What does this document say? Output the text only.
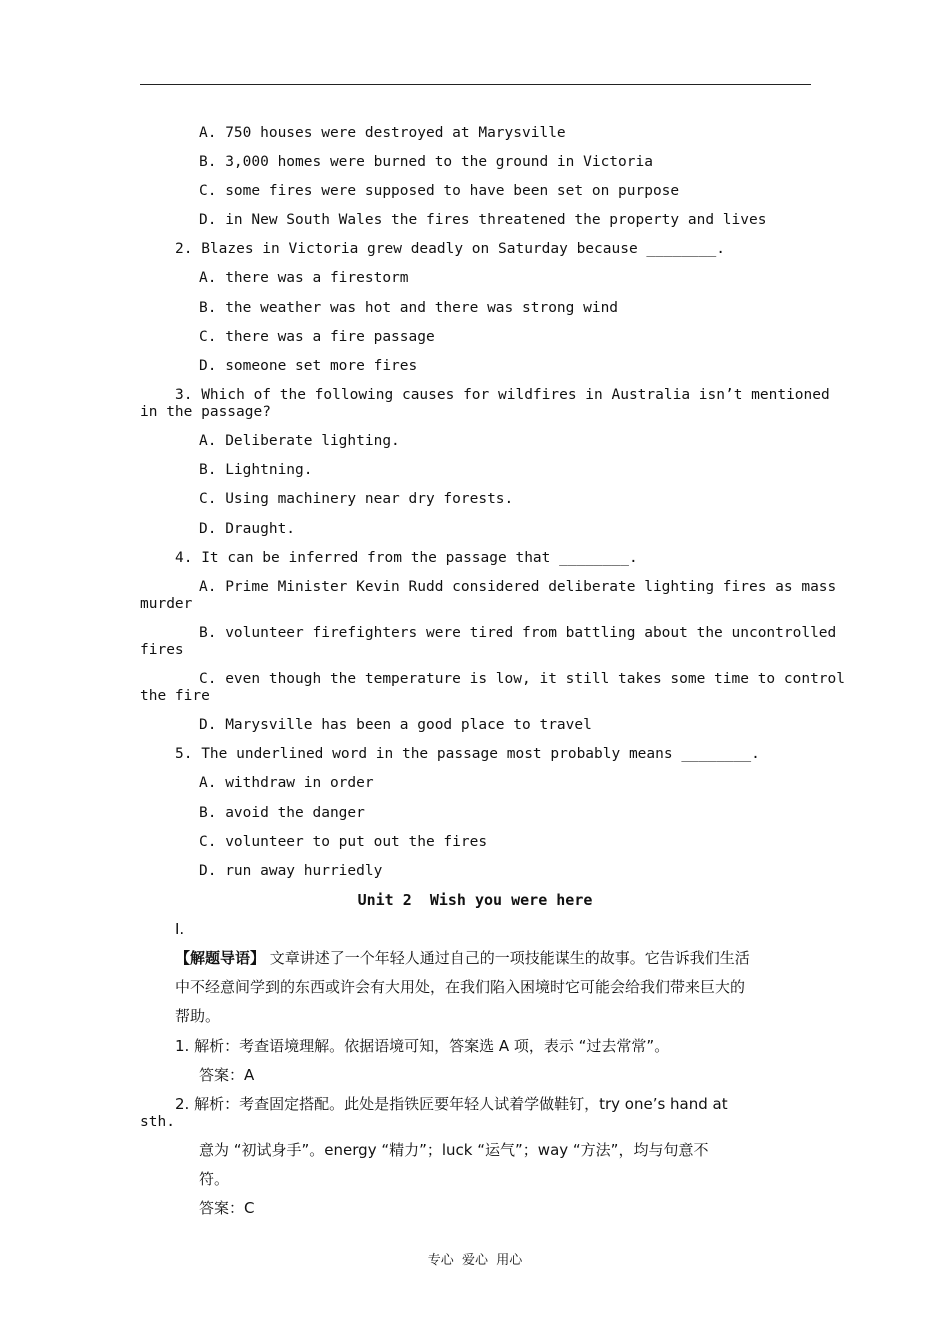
A. 750 houses were destroyed at Marysville
B. 3,000 homes were burned to the ground in Victoria
C. some fires were supposed to have been set on purpose
D. in New South Wales the fires threatened the property and lives
2. Blazes in Victoria grew deadly on Saturday because ________.
A. there was a firestorm
B. the weather was hot and there was strong wind
C. there was a fire passage
D. someone set more fires
3. Which of the following causes for wildfires in Australia isn’t mentioned
in the passage?
A. Deliberate lighting.
B. Lightning.
C. Using machinery near dry forests.
D. Draught.
4. It can be inferred from the passage that ________.
A. Prime Minister Kevin Rudd considered deliberate lighting fires as mass
murder
B. volunteer firefighters were tired from battling about the uncontrolled
fires
C. even though the temperature is low, it still takes some time to control
the fire
D. Marysville has been a good place to travel
5. The underlined word in the passage most probably means ________.
A. withdraw in order
B. avoid the danger
C. volunteer to put out the fires
D. run away hurriedly
Unit 2  Wish you were here
Ⅰ.
【解题导语】 文章讲述了一个年轻人通过自己的一项技能谋生的故事。它告诉我们生活
中不经意间学到的东西或许会有大用处，在我们陷入困境时它可能会给我们带来巨大的
帮助。
1. 解析：考查语境理解。依据语境可知，答案选 A 项，表示 “过去常常”。
答案：A
2. 解析：考查固定搭配。此处是指铁匠要年轻人试着学做鞋钉，try one’s hand at
sth.
意为 “初试身手”。energy “精力”；luck “运气”；way “方法”，均与句意不
符。
答案：C
专心  爱心  用心
